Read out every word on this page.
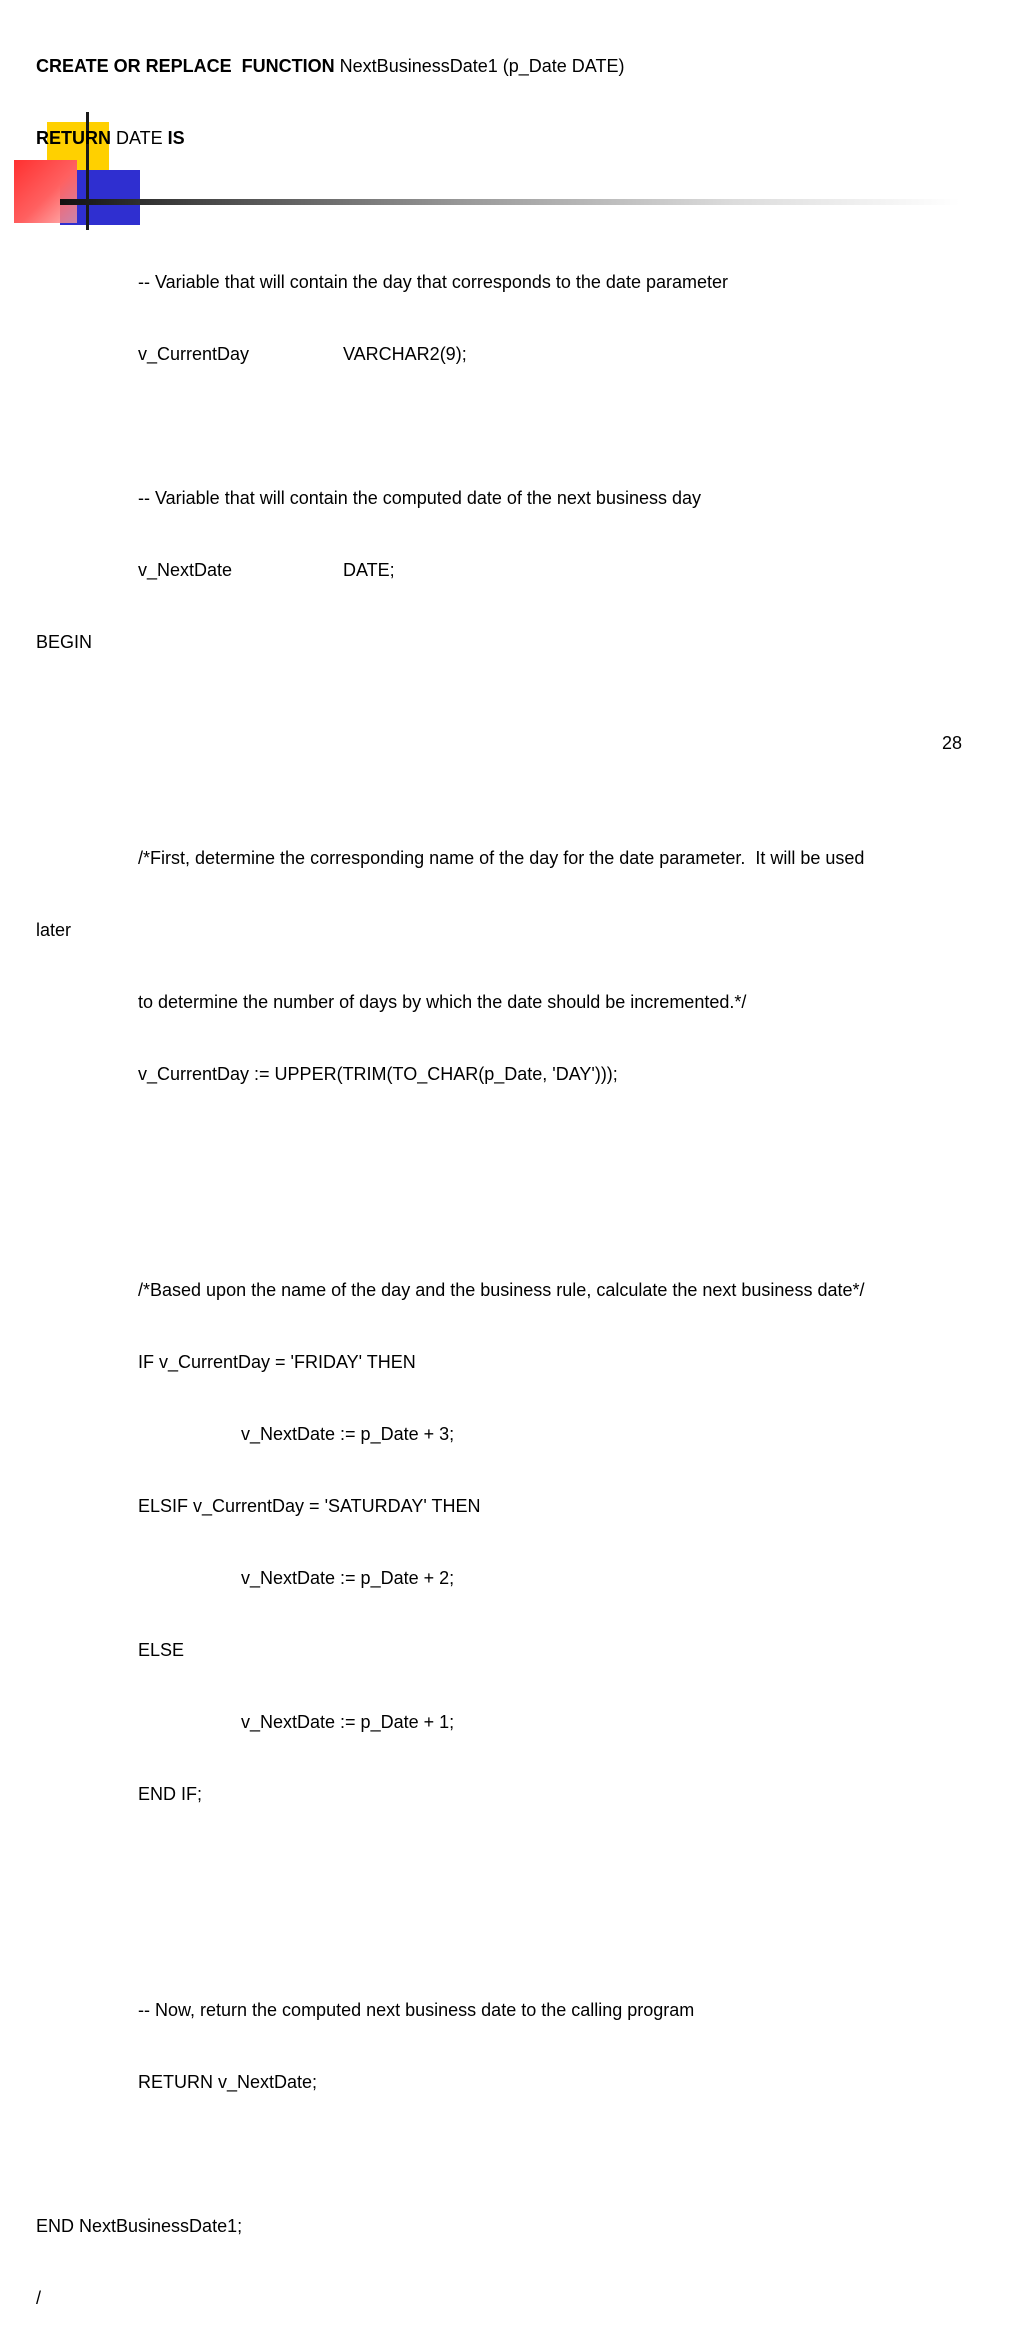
CREATE OR REPLACE  FUNCTION NextBusinessDate1 (p_Date DATE)

RETURN DATE IS

-- Variable that will contain the day that corresponds to the date parameter

v_CurrentDay	VARCHAR2(9);

-- Variable that will contain the computed date of the next business day

v_NextDate	DATE;

BEGIN

/*First, determine the corresponding name of the day for the date parameter.  It will be used

later

to determine the number of days by which the date should be incremented.*/

v_CurrentDay := UPPER(TRIM(TO_CHAR(p_Date, 'DAY')));

/*Based upon the name of the day and the business rule, calculate the next business date*/

IF v_CurrentDay = 'FRIDAY' THEN

v_NextDate := p_Date + 3;

ELSIF v_CurrentDay = 'SATURDAY' THEN

v_NextDate := p_Date + 2;

ELSE

v_NextDate := p_Date + 1;

END IF;

-- Now, return the computed next business date to the calling program

RETURN v_NextDate;

END NextBusinessDate1;

/

28
